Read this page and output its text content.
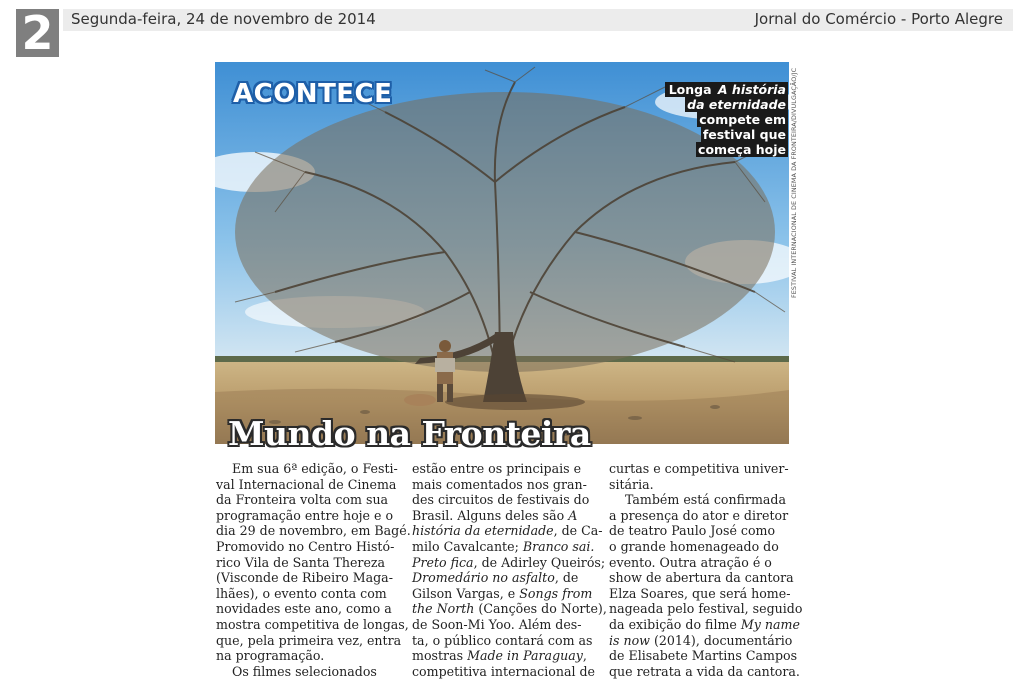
2	Segunda-feira, 24 de novembro de 2014	Jornal do Comércio - Porto Alegre
ACONTECE	Longa A história
da eternidade
compete em
festival que
começa hoje FESTIVAL INTERNACIONAL DE CINEMA DA FRONTEIRA/DIVULGAÇÃO/JC
Mundo na Fronteira

Em sua 6ª edição, o Festi-

val Internacional de Cinema

da Fronteira volta com sua

programação entre hoje e o

dia 29 de novembro, em Bagé.

Promovido no Centro Histó-

rico Vila de Santa Thereza

(Visconde de Ribeiro Maga-

lhães), o evento conta com

novidades este ano, como a

mostra competitiva de longas,

que, pela primeira vez, entra

na programação.

Os filmes selecionados

estão entre os principais e

mais comentados nos gran-

des circuitos de festivais do

Brasil. Alguns deles são A

história da eternidade, de Ca-

milo Cavalcante; Branco sai.

Preto fica, de Adirley Queirós;

Dromedário no asfalto, de

Gilson Vargas, e Songs from

the North (Canções do Norte),

de Soon-Mi Yoo. Além des-

ta, o público contará com as

mostras Made in Paraguay,

competitiva internacional de

curtas e competitiva univer-

sitária.

Também está confirmada

a presença do ator e diretor

de teatro Paulo José como

o grande homenageado do

evento. Outra atração é o

show de abertura da cantora

Elza Soares, que será home-

nageada pelo festival, seguido

da exibição do filme My name

is now (2014), documentário

de Elisabete Martins Campos

que retrata a vida da cantora.
